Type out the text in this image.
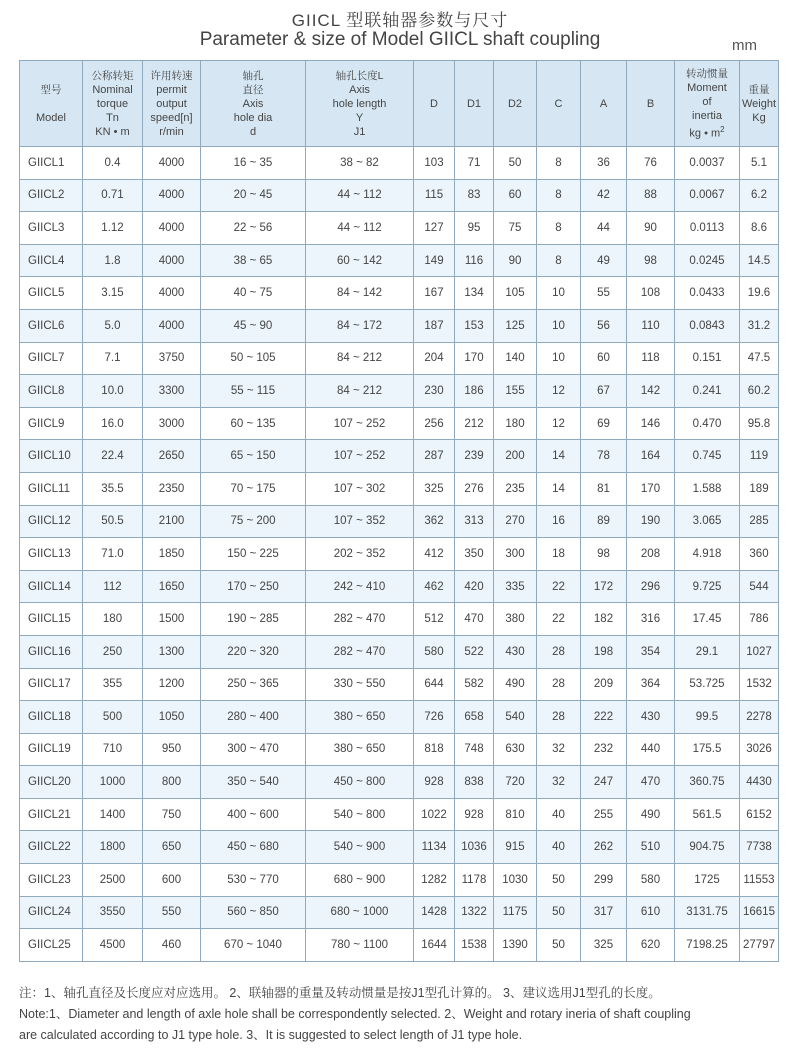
GIICL 型联轴器参数与尺寸
Parameter & size of Model GIICL shaft coupling	mm
型号

Model	公称转矩
Nominal
torque
Tn
KN • m	许用转速
permit
output
speed[n]
r/min	轴孔
直径
Axis
hole dia
d	轴孔长度L
Axis
hole length
Y
J1	D	D1	D2	C	A	B	转动惯量
Moment
of
inertia
kg • $m^2$	重量
Weight
Kg

GIICL1	0.4	4000	16 ~ 35	38 ~ 82	103	71	50	8	36	76	0.0037	5.1
GIICL2	0.71	4000	20 ~ 45	44 ~ 112	115	83	60	8	42	88	0.0067	6.2
GIICL3	1.12	4000	22 ~ 56	44 ~ 112	127	95	75	8	44	90	0.0113	8.6
GIICL4	1.8	4000	38 ~ 65	60 ~ 142	149	116	90	8	49	98	0.0245	14.5
GIICL5	3.15	4000	40 ~ 75	84 ~ 142	167	134	105	10	55	108	0.0433	19.6
GIICL6	5.0	4000	45 ~ 90	84 ~ 172	187	153	125	10	56	110	0.0843	31.2
GIICL7	7.1	3750	50 ~ 105	84 ~ 212	204	170	140	10	60	118	0.151	47.5
GIICL8	10.0	3300	55 ~ 115	84 ~ 212	230	186	155	12	67	142	0.241	60.2
GIICL9	16.0	3000	60 ~ 135	107 ~ 252	256	212	180	12	69	146	0.470	95.8
GIICL10	22.4	2650	65 ~ 150	107 ~ 252	287	239	200	14	78	164	0.745	119
GIICL11	35.5	2350	70 ~ 175	107 ~ 302	325	276	235	14	81	170	1.588	189
GIICL12	50.5	2100	75 ~ 200	107 ~ 352	362	313	270	16	89	190	3.065	285
GIICL13	71.0	1850	150 ~ 225	202 ~ 352	412	350	300	18	98	208	4.918	360
GIICL14	112	1650	170 ~ 250	242 ~ 410	462	420	335	22	172	296	9.725	544
GIICL15	180	1500	190 ~ 285	282 ~ 470	512	470	380	22	182	316	17.45	786
GIICL16	250	1300	220 ~ 320	282 ~ 470	580	522	430	28	198	354	29.1	1027
GIICL17	355	1200	250 ~ 365	330 ~ 550	644	582	490	28	209	364	53.725	1532
GIICL18	500	1050	280 ~ 400	380 ~ 650	726	658	540	28	222	430	99.5	2278
GIICL19	710	950	300 ~ 470	380 ~ 650	818	748	630	32	232	440	175.5	3026
GIICL20	1000	800	350 ~ 540	450 ~ 800	928	838	720	32	247	470	360.75	4430
GIICL21	1400	750	400 ~ 600	540 ~ 800	1022	928	810	40	255	490	561.5	6152
GIICL22	1800	650	450 ~ 680	540 ~ 900	1134	1036	915	40	262	510	904.75	7738
GIICL23	2500	600	530 ~ 770	680 ~ 900	1282	1178	1030	50	299	580	1725	11553
GIICL24	3550	550	560 ~ 850	680 ~ 1000	1428	1322	1175	50	317	610	3131.75	16615
GIICL25	4500	460	670 ~ 1040	780 ~ 1100	1644	1538	1390	50	325	620	7198.25	27797
注：1、轴孔直径及长度应对应选用。 2、联轴器的重量及转动惯量是按J1型孔计算的。 3、建议选用J1型孔的长度。
Note:1、Diameter and length of axle hole shall be correspondently selected. 2、Weight and rotary ineria of shaft coupling
are calculated according to J1 type hole. 3、It is suggested to select length of J1 type hole.
